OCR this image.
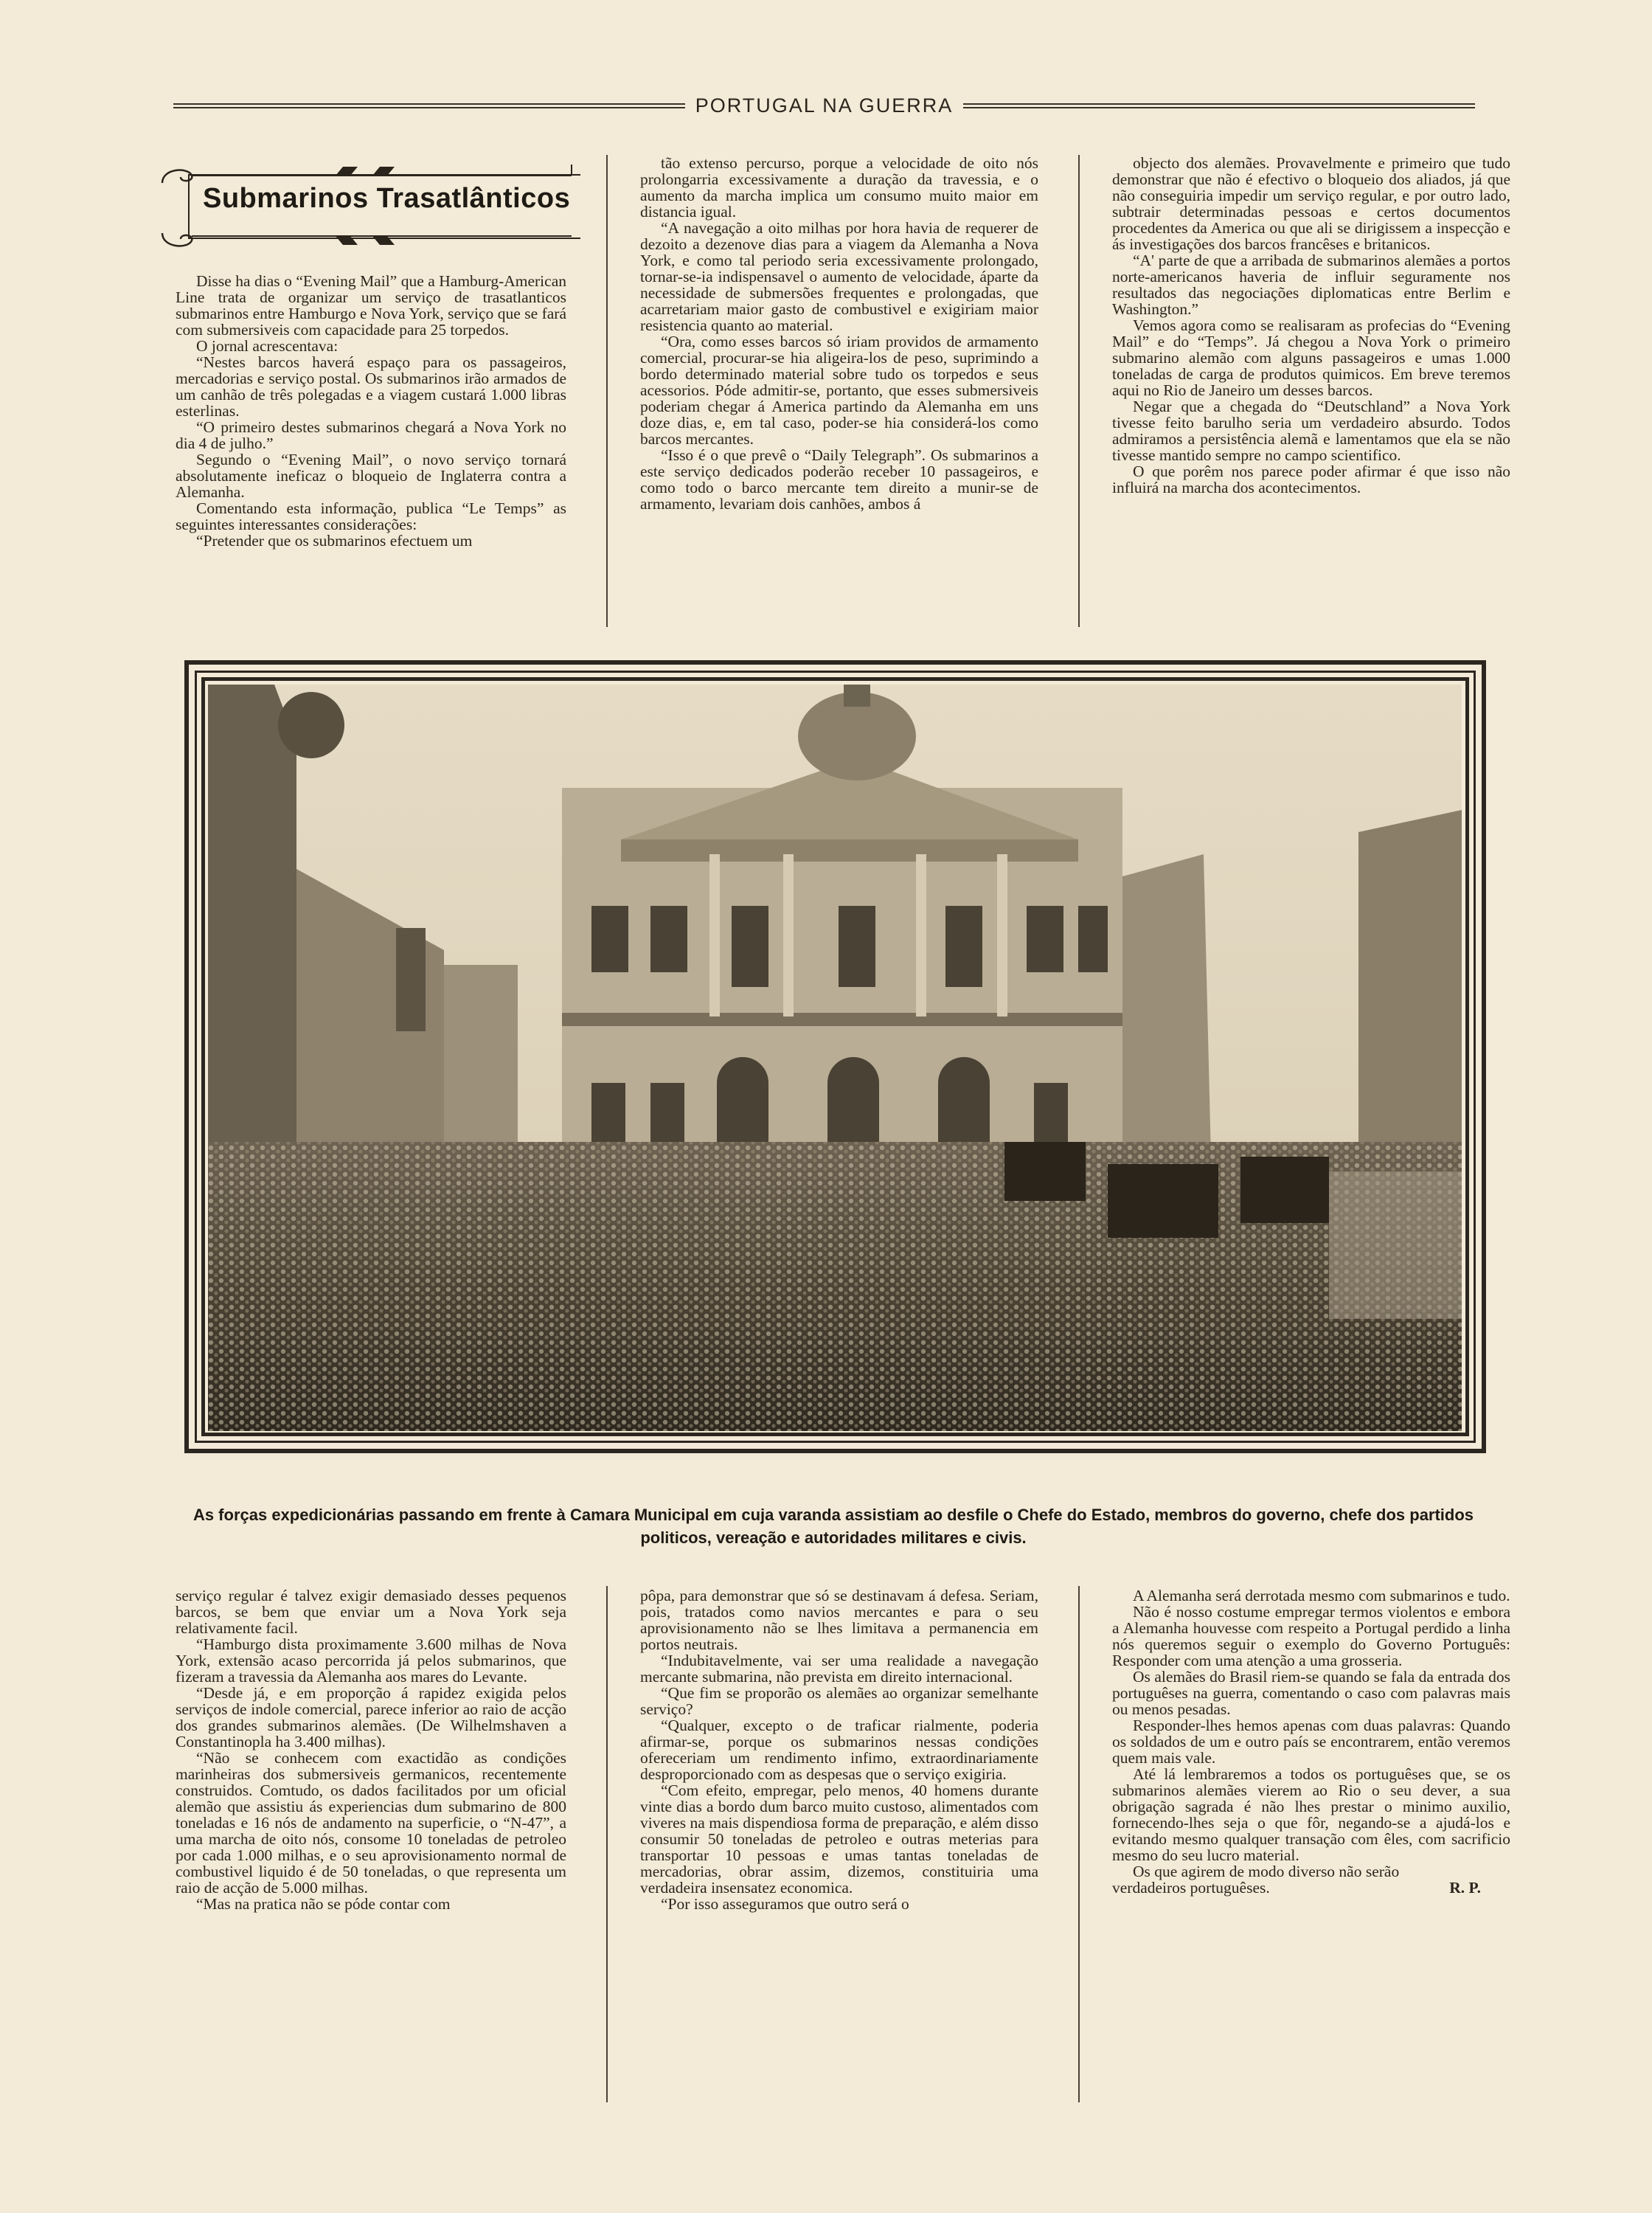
PORTUGAL NA GUERRA
Submarinos Trasatlânticos

Disse ha dias o “Evening Mail” que a Hamburg-American Line trata de organizar um serviço de trasatlanticos submarinos entre Hamburgo e Nova York, serviço que se fará com submersiveis com capacidade para 25 torpedos.

O jornal acrescentava:

“Nestes barcos haverá espaço para os passageiros, mercadorias e serviço postal. Os submarinos irão armados de um canhão de três polegadas e a viagem custará 1.000 libras esterlinas.

“O primeiro destes submarinos chegará a Nova York no dia 4 de julho.”

Segundo o “Evening Mail”, o novo serviço tornará absolutamente ineficaz o bloqueio de Inglaterra contra a Alemanha.

Comentando esta informação, publica “Le Temps” as seguintes interessantes considerações:

“Pretender que os submarinos efectuem um

tão extenso percurso, porque a velocidade de oito nós prolongarria excessivamente a duração da travessia, e o aumento da marcha implica um consumo muito maior em distancia igual.

“A navegação a oito milhas por hora havia de requerer de dezoito a dezenove dias para a viagem da Alemanha a Nova York, e como tal periodo seria excessivamente prolongado, tornar-se-ia indispensavel o aumento de velocidade, áparte da necessidade de submersões frequentes e prolongadas, que acarretariam maior gasto de combustivel e exigiriam maior resistencia quanto ao material.

“Ora, como esses barcos só iriam providos de armamento comercial, procurar-se hia aligeira-los de peso, suprimindo a bordo determinado material sobre tudo os torpedos e seus acessorios. Póde admitir-se, portanto, que esses submersiveis poderiam chegar á America partindo da Alemanha em uns doze dias, e, em tal caso, poder-se hia considerá-los como barcos mercantes.

“Isso é o que prevê o “Daily Telegraph”. Os submarinos a este serviço dedicados poderão receber 10 passageiros, e como todo o barco mercante tem direito a munir-se de armamento, levariam dois canhões, ambos á

objecto dos alemães. Provavelmente e primeiro que tudo demonstrar que não é efectivo o bloqueio dos aliados, já que não conseguiria impedir um serviço regular, e por outro lado, subtrair determinadas pessoas e certos documentos procedentes da America ou que ali se dirigissem a inspecção e ás investigações dos barcos francêses e britanicos.

“A' parte de que a arribada de submarinos alemães a portos norte-americanos haveria de influir seguramente nos resultados das negociações diplomaticas entre Berlim e Washington.”

Vemos agora como se realisaram as profecias do “Evening Mail” e do “Temps”. Já chegou a Nova York o primeiro submarino alemão com alguns passageiros e umas 1.000 toneladas de carga de produtos quimicos. Em breve teremos aqui no Rio de Janeiro um desses barcos.

Negar que a chegada do “Deutschland” a Nova York tivesse feito barulho seria um verdadeiro absurdo. Todos admiramos a persistência alemã e lamentamos que ela se não tivesse mantido sempre no campo scientifico.

O que porêm nos parece poder afirmar é que isso não influirá na marcha dos acontecimentos.

As forças expedicionárias passando em frente à Camara Municipal em cuja varanda assistiam ao desfile o Chefe do Estado, membros do governo, chefe dos partidos politicos, vereação e autoridades militares e civis.

serviço regular é talvez exigir demasiado desses pequenos barcos, se bem que enviar um a Nova York seja relativamente facil.

“Hamburgo dista proximamente 3.600 milhas de Nova York, extensão acaso percorrida já pelos submarinos, que fizeram a travessia da Alemanha aos mares do Levante.

“Desde já, e em proporção á rapidez exigida pelos serviços de indole comercial, parece inferior ao raio de acção dos grandes submarinos alemães. (De Wilhelmshaven a Constantinopla ha 3.400 milhas).

“Não se conhecem com exactidão as condições marinheiras dos submersiveis germanicos, recentemente construidos. Comtudo, os dados facilitados por um oficial alemão que assistiu ás experiencias dum submarino de 800 toneladas e 16 nós de andamento na superficie, o “N-47”, a uma marcha de oito nós, consome 10 toneladas de petroleo por cada 1.000 milhas, e o seu aprovisionamento normal de combustivel liquido é de 50 toneladas, o que representa um raio de acção de 5.000 milhas.

“Mas na pratica não se póde contar com

pôpa, para demonstrar que só se destinavam á defesa. Seriam, pois, tratados como navios mercantes e para o seu aprovisionamento não se lhes limitava a permanencia em portos neutrais.

“Indubitavelmente, vai ser uma realidade a navegação mercante submarina, não prevista em direito internacional.

“Que fim se proporão os alemães ao organizar semelhante serviço?

“Qualquer, excepto o de traficar rialmente, poderia afirmar-se, porque os submarinos nessas condições ofereceriam um rendimento infimo, extraordinariamente desproporcionado com as despesas que o serviço exigiria.

“Com efeito, empregar, pelo menos, 40 homens durante vinte dias a bordo dum barco muito custoso, alimentados com viveres na mais dispendiosa forma de preparação, e além disso consumir 50 toneladas de petroleo e outras meterias para transportar 10 pessoas e umas tantas toneladas de mercadorias, obrar assim, dizemos, constituiria uma verdadeira insensatez economica.

“Por isso asseguramos que outro será o

A Alemanha será derrotada mesmo com submarinos e tudo.

Não é nosso costume empregar termos violentos e embora a Alemanha houvesse com respeito a Portugal perdido a linha nós queremos seguir o exemplo do Governo Português: Responder com uma atenção a uma grosseria.

Os alemães do Brasil riem-se quando se fala da entrada dos portuguêses na guerra, comentando o caso com palavras mais ou menos pesadas.

Responder-lhes hemos apenas com duas palavras: Quando os soldados de um e outro país se encontrarem, então veremos quem mais vale.

Até lá lembraremos a todos os portuguêses que, se os submarinos alemães vierem ao Rio o seu dever, a sua obrigação sagrada é não lhes prestar o minimo auxilio, fornecendo-lhes seja o que fôr, negando-se a ajudá-los e evitando mesmo qualquer transação com êles, com sacrificio mesmo do seu lucro material.

Os que agirem de modo diverso não serão

verdadeiros portuguêses.	R. P.
